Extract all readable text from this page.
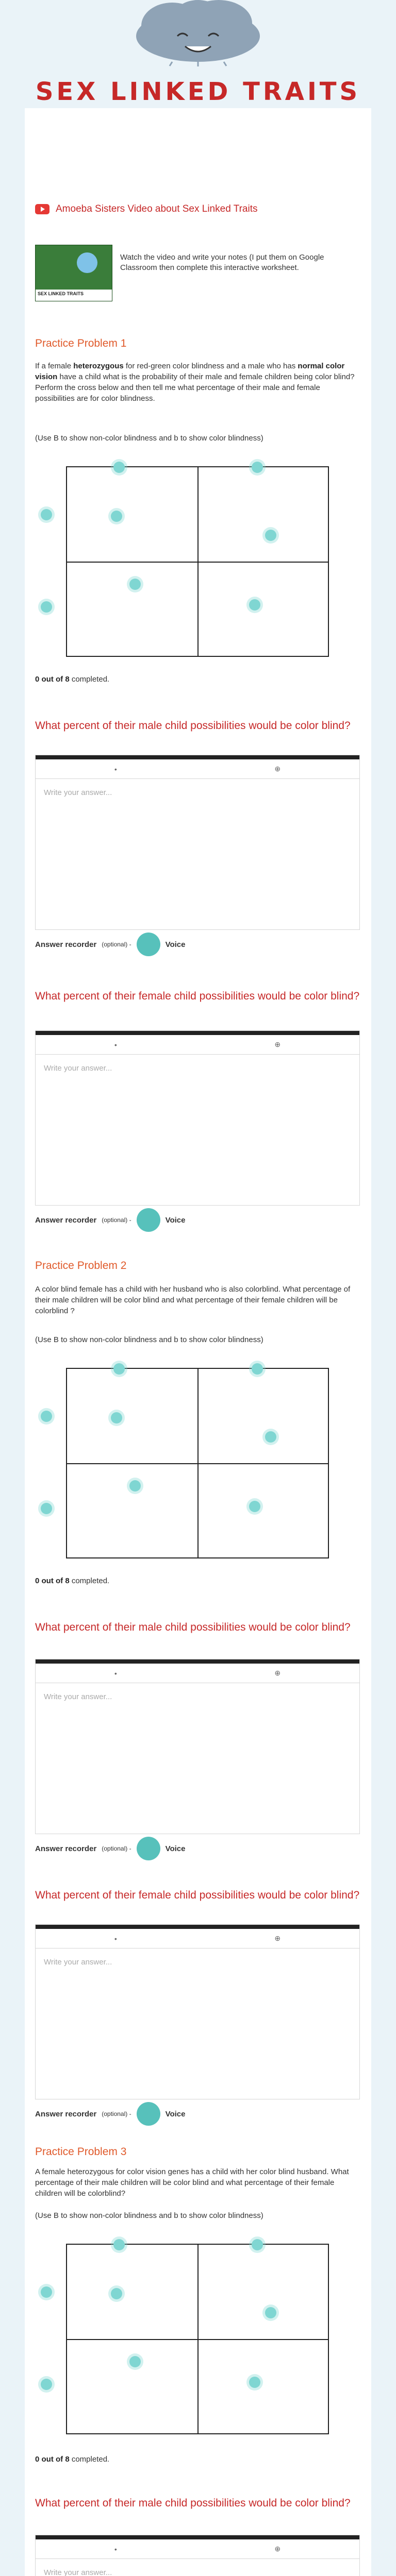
SEX LINKED TRAITS
Amoeba Sisters Video about Sex Linked Traits
SEX LINKED TRAITS
Watch the video and write your notes (I put them on Google Classroom then complete this interactive worksheet.
Practice Problem 1
If a female heterozygous for red-green color blindness and a male who has normal color vision have a child what is the probability of their male and female children being color blind? Perform the cross below and then tell me what percentage of their male and female possibilities are for color blindness.
(Use B to show non-color blindness and b to show color blindness)
0 out of 8 completed.
What percent of their male child possibilities would be color blind?
•	⊕
Write your answer...
Answer recorder (optional) -	Voice
What percent of their female child possibilities would be color blind?
•	⊕
Write your answer...
Answer recorder (optional) -	Voice
Practice Problem 2
A color blind female has a child with her husband who is also colorblind. What percentage of their male children will be color blind and what percentage of their female children will be colorblind ?
(Use B to show non-color blindness and b to show color blindness)
0 out of 8 completed.
What percent of their male child possibilities would be color blind?
•	⊕
Write your answer...
Answer recorder (optional) -	Voice
What percent of their female child possibilities would be color blind?
•	⊕
Write your answer...
Answer recorder (optional) -	Voice
Practice Problem 3
A female heterozygous for color vision genes has a child with her color blind husband. What percentage of their male children will be color blind and what percentage of their female children will be colorblind?
(Use B to show non-color blindness and b to show color blindness)
0 out of 8 completed.
What percent of their male child possibilities would be color blind?
•	⊕
Write your answer...
